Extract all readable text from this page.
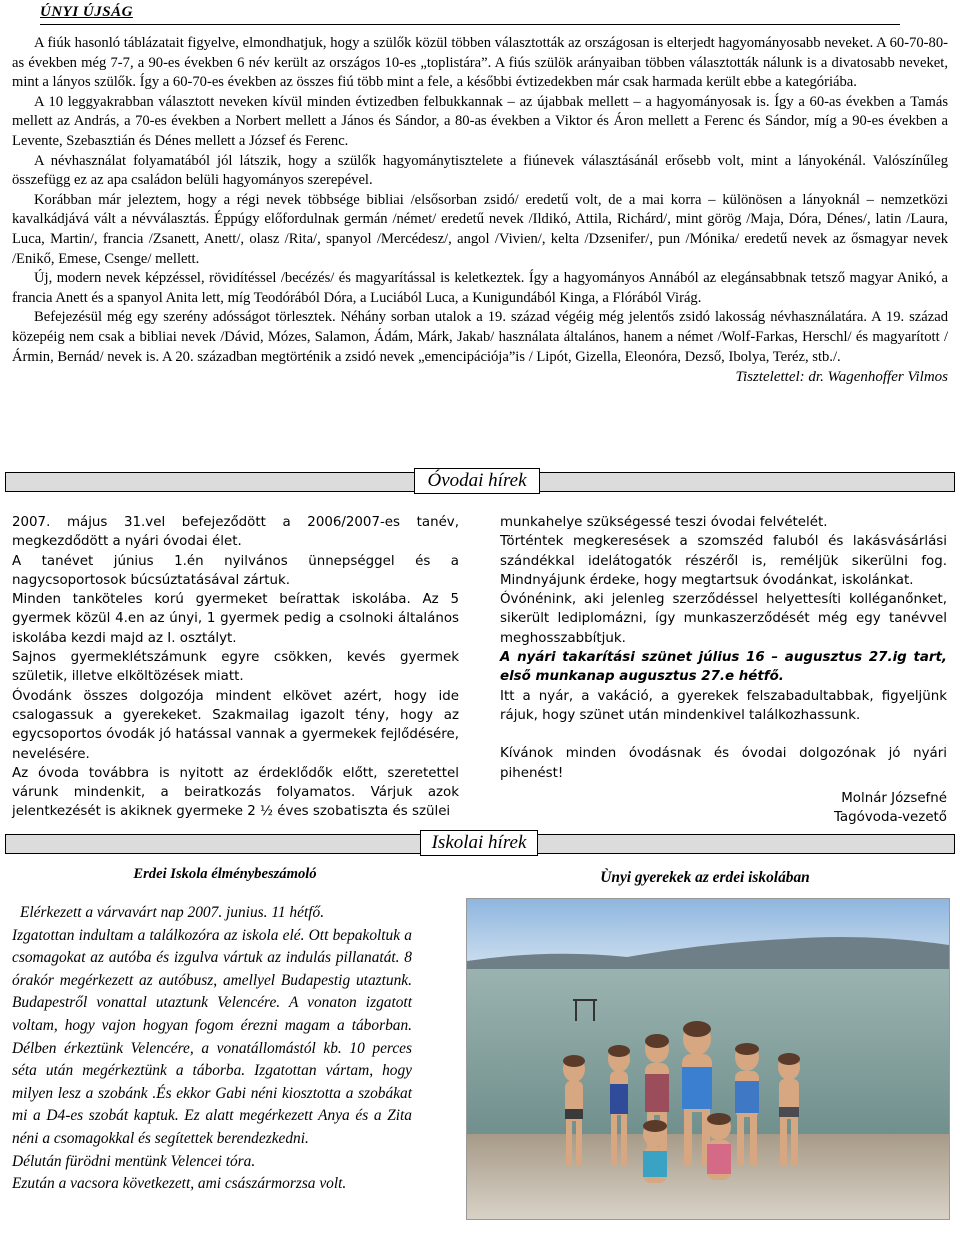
ÚNYI ÚJSÁG

A fiúk hasonló táblázatait figyelve, elmondhatjuk, hogy a szülők közül többen választották az országosan is elterjedt hagyományosabb neveket. A 60-70-80-as években még 7-7, a 90-es években 6 név került az országos 10-es „toplistára”. A fiús szülök arányaiban többen választották nálunk is a divatosabb neveket, mint a lányos szülők. Így a 60-70-es években az összes fiú több mint a fele, a későbbi évtizedekben már csak harmada került ebbe a kategóriába.

A 10 leggyakrabban választott neveken kívül minden évtizedben felbukkannak – az újabbak mellett – a hagyományosak is. Így a 60-as években a Tamás mellett az András, a 70-es években a Norbert mellett a János és Sándor, a 80-as években a Viktor és Áron mellett a Ferenc és Sándor, míg a 90-es években a Levente, Szebasztián és Dénes mellett a József és Ferenc.

A névhasználat folyamatából jól látszik, hogy a szülők hagyománytisztelete a fiúnevek választásánál erősebb volt, mint a lányokénál. Valószínűleg összefügg ez az apa családon belüli hagyományos szerepével.

Korábban már jeleztem, hogy a régi nevek többsége bibliai /elsősorban zsidó/ eredetű volt, de a mai korra – különösen a lányoknál – nemzetközi kavalkádjává vált a névválasztás. Éppúgy előfordulnak germán /német/ eredetű nevek /Ildikó, Attila, Richárd/, mint görög /Maja, Dóra, Dénes/, latin /Laura, Luca, Martin/, francia /Zsanett, Anett/, olasz /Rita/, spanyol /Mercédesz/, angol /Vivien/, kelta /Dzsenifer/, pun /Mónika/ eredetű nevek az ősmagyar nevek /Enikő, Emese, Csenge/ mellett.

Új, modern nevek képzéssel, rövidítéssel /becézés/ és magyarítással is keletkeztek. Így a hagyományos Annából az elegánsabbnak tetsző magyar Anikó, a francia Anett és a spanyol Anita lett, míg Teodórából Dóra, a Luciából Luca, a Kunigundából Kinga, a Flórából Virág.

Befejezésül még egy szerény adósságot törlesztek. Néhány sorban utalok a 19. század végéig még jelentős zsidó lakosság névhasználatára. A 19. század közepéig nem csak a bibliai nevek /Dávid, Mózes, Salamon, Ádám, Márk, Jakab/ használata általános, hanem a német /Wolf-Farkas, Herschl/ és magyarított /Ármin, Bernád/ nevek is. A 20. században megtörténik a zsidó nevek „emencipációja”is / Lipót, Gizella, Eleonóra, Dezső, Ibolya, Teréz, stb./.

Tisztelettel: dr. Wagenhoffer Vilmos
Óvodai hírek

2007. május 31.vel befejeződött a 2006/2007-es tanév, megkezdődött a nyári óvodai élet.

A tanévet június 1.én nyilvános ünnepséggel és a nagycsoportosok búcsúztatásával zártuk.

Minden tanköteles korú gyermeket beírattak iskolába. Az 5 gyermek közül 4.en az únyi, 1 gyermek pedig a csolnoki általános iskolába kezdi majd az I. osztályt.

Sajnos gyermeklétszámunk egyre csökken, kevés gyermek születik, illetve elköltözések miatt.

Óvodánk összes dolgozója mindent elkövet azért, hogy ide csalogassuk a gyerekeket. Szakmailag igazolt tény, hogy az egycsoportos óvodák jó hatással vannak a gyermekek fejlődésére, nevelésére.

Az óvoda továbbra is nyitott az érdeklődők előtt, szeretettel várunk mindenkit, a beiratkozás folyamatos. Várjuk azok jelentkezését is akiknek gyermeke 2 ½ éves szobatiszta és szülei

munkahelye szükségessé teszi óvodai felvételét.

Történtek megkeresések a szomszéd faluból és lakásvásárlási szándékkal idelátogatók részéről is, reméljük sikerülni fog. Mindnyájunk érdeke, hogy megtartsuk óvodánkat, iskolánkat.

Óvónénink, aki jelenleg szerződéssel helyettesíti kolléganőnket, sikerült lediplomázni, így munkaszerződését még egy tanévvel meghosszabbítjuk.

A nyári takarítási szünet július 16 – augusztus 27.ig tart, első munkanap augusztus 27.e hétfő.

Itt a nyár, a vakáció, a gyerekek felszabadultabbak, figyeljünk rájuk, hogy szünet után mindenkivel találkozhassunk.

Kívánok minden óvodásnak és óvodai dolgozónak jó nyári pihenést!

Molnár Józsefné

Tagóvoda-vezető

Iskolai hírek
Erdei Iskola élménybeszámoló	Ùnyi gyerekek az erdei iskolában

Elérkezett a várvavárt nap 2007. junius. 11 hétfő.

Izgatottan indultam a találkozóra az iskola elé. Ott bepakoltuk a csomagokat az autóba és izgulva vártuk az indulás pillanatát. 8 órakór megérkezett az autóbusz, amellyel Budapestig utaztunk. Budapestről vonattal utaztunk Velencére. A vonaton izgatott voltam, hogy vajon hogyan fogom érezni magam a táborban. Délben érkeztünk Velencére, a vonatállomástól kb. 10 perces séta után megérkeztünk a táborba. Izgatottan vártam, hogy milyen lesz a szobánk .És ekkor Gabi néni kiosztotta a szobákat mi a D4-es szobát kaptuk. Ez alatt megérkezett Anya és a Zita néni a csomagokkal és segítettek berendezkedni.

Délután fürödni mentünk Velencei tóra.

Ezután a vacsora következett, ami császármorzsa volt.
